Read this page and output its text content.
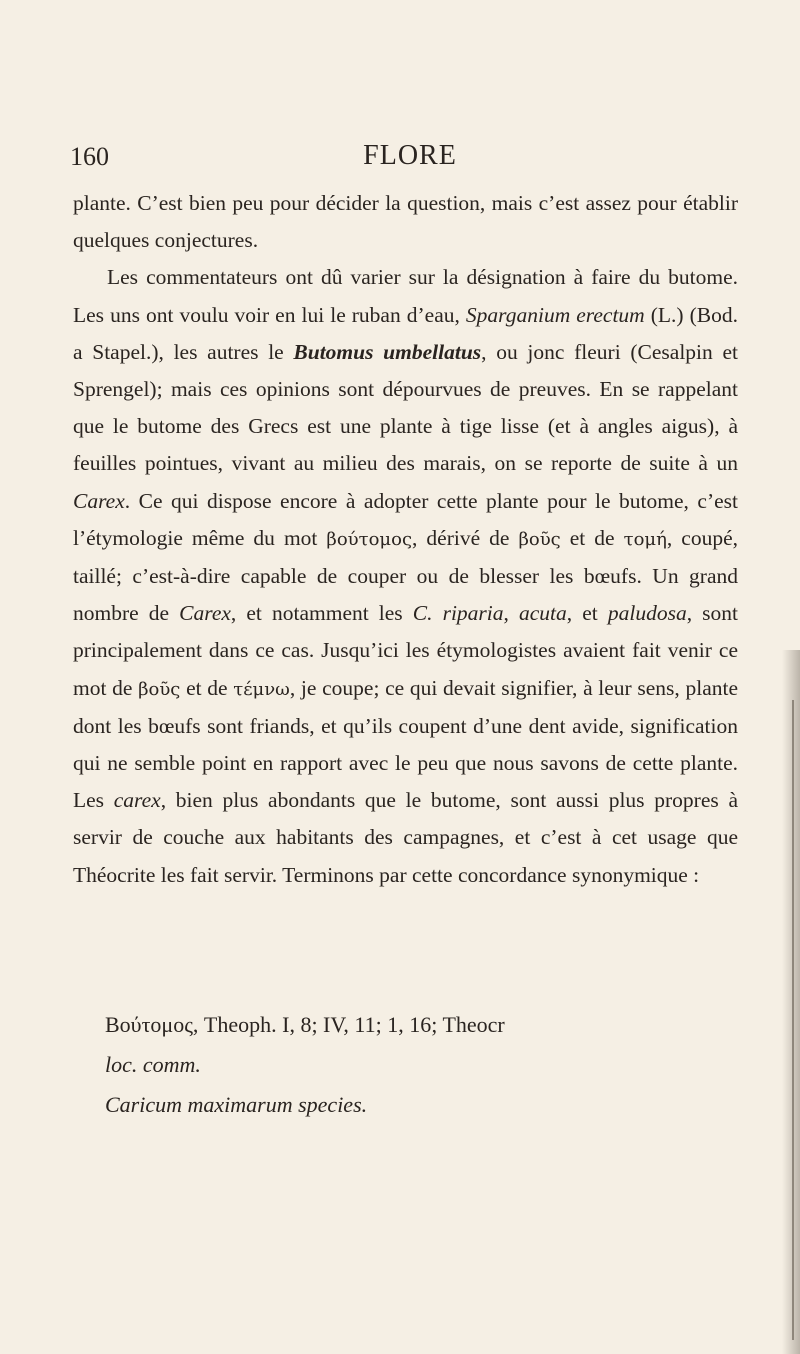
160	FLORE

plante. C’est bien peu pour décider la question, mais c’est assez pour établir quelques conjectures.

Les commentateurs ont dû varier sur la désignation à faire du butome. Les uns ont voulu voir en lui le ruban d’eau, Sparganium erectum (L.) (Bod. a Stapel.), les autres le Butomus umbellatus, ou jonc fleuri (Cesalpin et Sprengel); mais ces opinions sont dépourvues de preuves. En se rappelant que le butome des Grecs est une plante à tige lisse (et à angles aigus), à feuilles pointues, vivant au milieu des marais, on se reporte de suite à un Carex. Ce qui dispose encore à adopter cette plante pour le butome, c’est l’étymologie même du mot βούτομος, dérivé de βοῦς et de τομή, coupé, taillé; c’est-à-dire capable de couper ou de blesser les bœufs. Un grand nombre de Carex, et notamment les C. riparia, acuta, et paludosa, sont principalement dans ce cas. Jusqu’ici les étymologistes avaient fait venir ce mot de βοῦς et de τέμνω, je coupe; ce qui devait signifier, à leur sens, plante dont les bœufs sont friands, et qu’ils coupent d’une dent avide, signification qui ne semble point en rapport avec le peu que nous savons de cette plante. Les carex, bien plus abondants que le butome, sont aussi plus propres à servir de couche aux habitants des campagnes, et c’est à cet usage que Théocrite les fait servir. Terminons par cette concordance synonymique :

Βούτομος, Theoph. I, 8; IV, 11; 1, 16; Theocr
loc. comm.
Caricum maximarum species.
